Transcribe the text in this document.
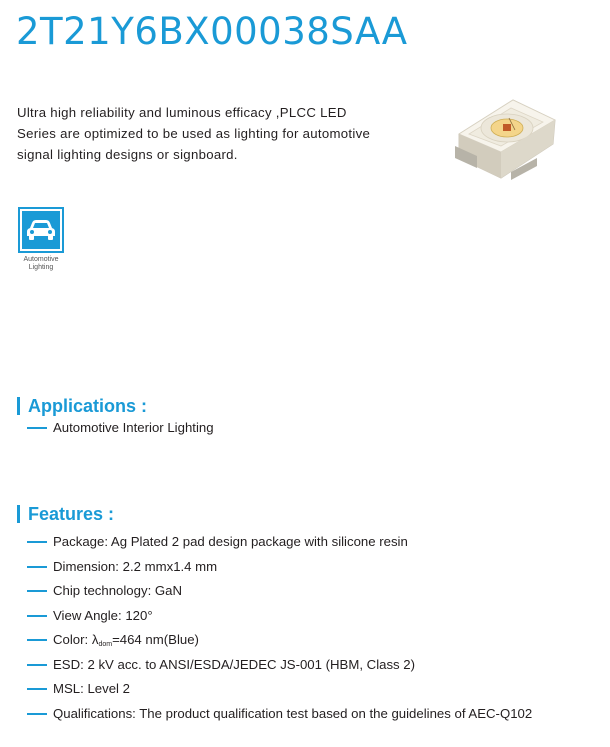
2T21Y6BX00038SAA
Ultra high reliability and luminous efficacy ,PLCC LED Series are optimized to be used as lighting for automotive signal lighting designs or signboard.
Automotive
Lighting
Applications :
Automotive Interior Lighting
Features :
Package: Ag Plated 2 pad design package with silicone resin
Dimension: 2.2 mmx1.4 mm
Chip technology: GaN
View Angle: 120°
Color: $\lambda_{dom}=464$ nm(Blue)
ESD: 2 kV acc. to ANSI/ESDA/JEDEC JS-001 (HBM, Class 2)
MSL: Level 2
Qualifications: The product qualification test based on the guidelines of AEC-Q102
